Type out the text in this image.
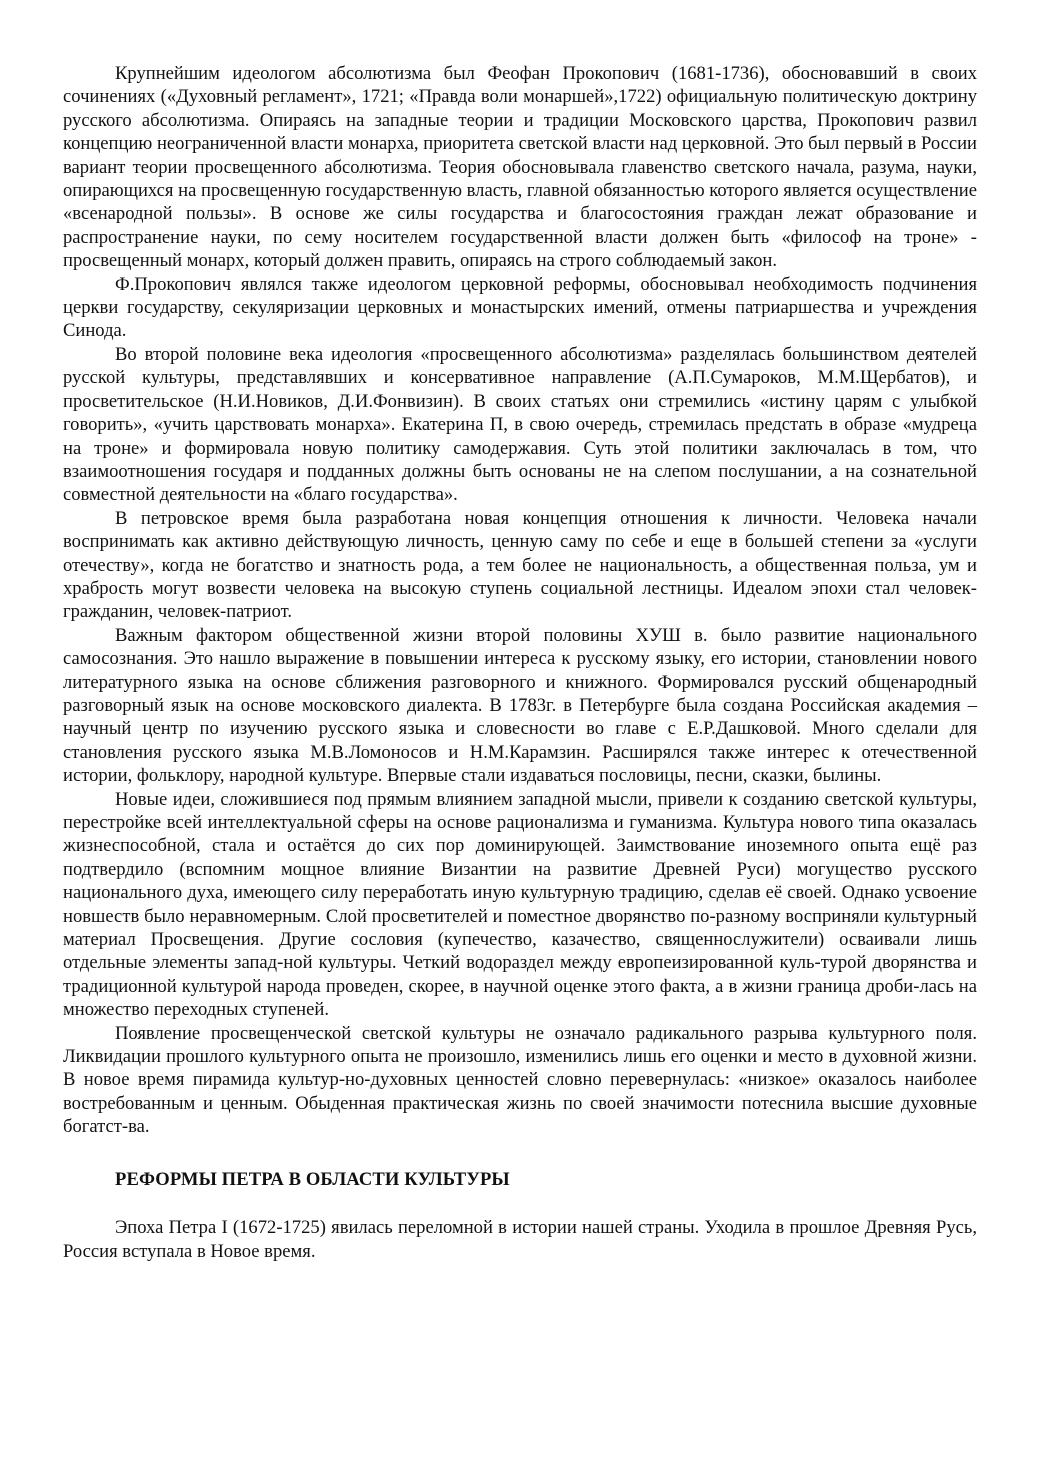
Крупнейшим идеологом абсолютизма был Феофан Прокопович (1681-1736), обосновавший в своих сочинениях («Духовный регламент», 1721; «Правда воли монаршей»,1722) официальную политическую доктрину русского абсолютизма. Опираясь на западные теории и традиции Московского царства, Прокопович развил концепцию неограниченной власти монарха, приоритета светской власти над церковной. Это был первый в России вариант теории просвещенного абсолютизма. Теория обосновывала главенство светского начала, разума, науки, опирающихся на просвещенную государственную власть, главной обязанностью которого является осуществление «всенародной пользы». В основе же силы государства и благосостояния граждан лежат образование и распространение науки, по сему носителем государственной власти должен быть «философ на троне» - просвещенный монарх, который должен править, опираясь на строго соблюдаемый закон.

Ф.Прокопович являлся также идеологом церковной реформы, обосновывал необходимость подчинения церкви государству, секуляризации церковных и монастырских имений, отмены патриаршества и учреждения Синода.

Во второй половине века идеология «просвещенного абсолютизма» разделялась большинством деятелей русской культуры, представлявших и консервативное направление (А.П.Сумароков, М.М.Щербатов), и просветительское (Н.И.Новиков, Д.И.Фонвизин). В своих статьях они стремились «истину царям с улыбкой говорить», «учить царствовать монарха». Екатерина П, в свою очередь, стремилась предстать в образе «мудреца на троне» и формировала новую политику самодержавия. Суть этой политики заключалась в том, что взаимоотношения государя и подданных должны быть основаны не на слепом послушании, а на сознательной совместной деятельности на «благо государства».

В петровское время была разработана новая концепция отношения к личности. Человека начали воспринимать как активно действующую личность, ценную саму по себе и еще в большей степени за «услуги отечеству», когда не богатство и знатность рода, а тем более не национальность, а общественная польза, ум и храбрость могут возвести человека на высокую ступень социальной лестницы. Идеалом эпохи стал человек-гражданин, человек-патриот.

Важным фактором общественной жизни второй половины ХУШ в. было развитие национального самосознания. Это нашло выражение в повышении интереса к русскому языку, его истории, становлении нового литературного языка на основе сближения разговорного и книжного. Формировался русский общенародный разговорный язык на основе московского диалекта. В 1783г. в Петербурге была создана Российская академия – научный центр по изучению русского языка и словесности во главе с Е.Р.Дашковой. Много сделали для становления русского языка М.В.Ломоносов и Н.М.Карамзин. Расширялся также интерес к отечественной истории, фольклору, народной культуре. Впервые стали издаваться пословицы, песни, сказки, былины.

Новые идеи, сложившиеся под прямым влиянием западной мысли, привели к созданию светской культуры, перестройке всей интеллектуальной сферы на основе рационализма и гуманизма. Культура нового типа оказалась жизнеспособной, стала и остаётся до сих пор доминирующей. Заимствование иноземного опыта ещё раз подтвердило (вспомним мощное влияние Византии на развитие Древней Руси) могущество русского национального духа, имеющего силу переработать иную культурную традицию, сделав её своей. Однако усвоение новшеств было неравномерным. Слой просветителей и поместное дворянство по-разному восприняли культурный материал Просвещения. Другие сословия (купечество, казачество, священнослужители) осваивали лишь отдельные элементы запад-ной культуры. Четкий водораздел между европеизированной куль-турой дворянства и традиционной культурой народа проведен, скорее, в научной оценке этого факта, а в жизни граница дроби-лась на множество переходных ступеней.

Появление просвещенческой светской культуры не означало радикального разрыва культурного поля. Ликвидации прошлого культурного опыта не произошло, изменились лишь его оценки и место в духовной жизни. В новое время пирамида культур-но-духовных ценностей словно перевернулась: «низкое» оказалось наиболее востребованным и ценным. Обыденная практическая жизнь по своей значимости потеснила высшие духовные богатст-ва.

РЕФОРМЫ ПЕТРА В ОБЛАСТИ КУЛЬТУРЫ

Эпоха Петра I (1672-1725) явилась переломной в истории нашей страны. Уходила в прошлое Древняя Русь, Россия вступала в Новое время.
